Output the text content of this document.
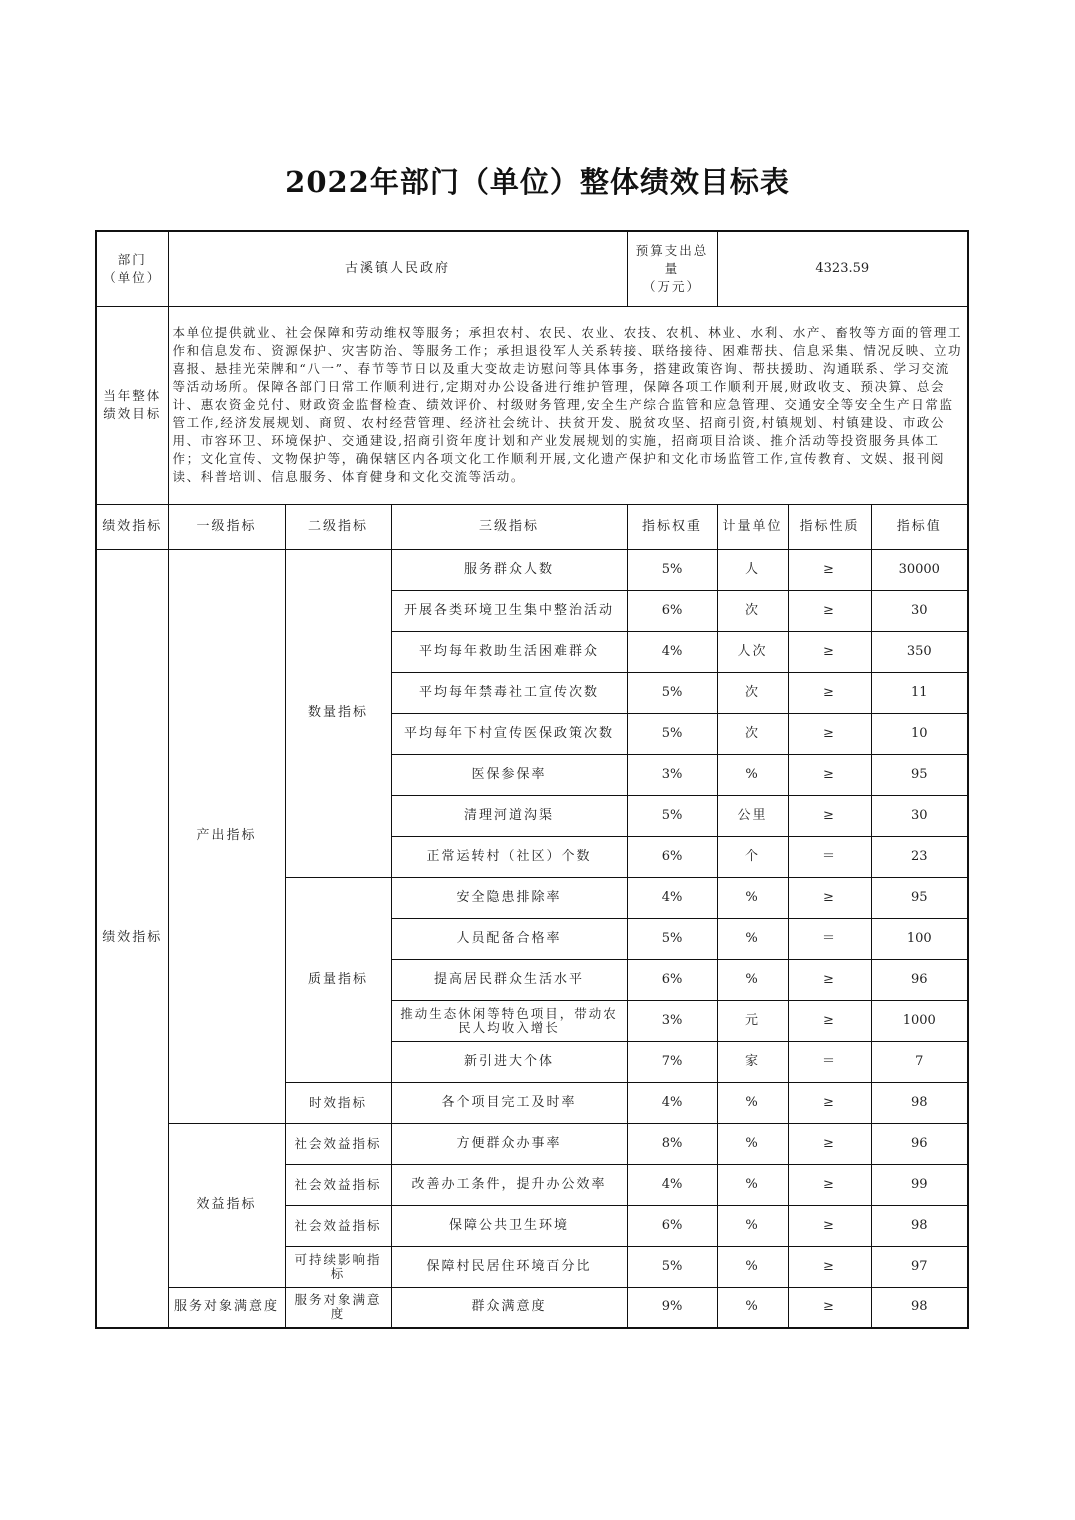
2022年部门（单位）整体绩效目标表
部门
（单位）	古溪镇人民政府			预算支出总量
（万元）	4323.59		
当年整体绩效目标	本单位提供就业、社会保障和劳动维权等服务；承担农村、农民、农业、农技、农机、林业、水利、水产、畜牧等方面的管理工作和信息发布、资源保护、灾害防治、等服务工作；承担退役军人关系转接、联络接待、困难帮扶、信息采集、情况反映、立功喜报、悬挂光荣牌和“八一”、春节等节日以及重大变故走访慰问等具体事务，搭建政策咨询、帮扶援助、沟通联系、学习交流等活动场所。保障各部门日常工作顺利进行,定期对办公设备进行维护管理，保障各项工作顺利开展,财政收支、预决算、总会计、惠农资金兑付、财政资金监督检查、绩效评价、村级财务管理,安全生产综合监管和应急管理、交通安全等安全生产日常监管工作,经济发展规划、商贸、农村经营管理、经济社会统计、扶贫开发、脱贫攻坚、招商引资,村镇规划、村镇建设、市政公用、市容环卫、环境保护、交通建设,招商引资年度计划和产业发展规划的实施，招商项目洽谈、推介活动等投资服务具体工作；文化宣传、文物保护等，确保辖区内各项文化工作顺利开展,文化遗产保护和文化市场监管工作,宣传教育、文娱、报刊阅读、科普培训、信息服务、体育健身和文化交流等活动。						
绩效指标	一级指标	二级指标	三级指标	指标权重	计量单位	指标性质	指标值
绩效指标	产出指标	数量指标	服务群众人数	5%	人	≥	30000
			开展各类环境卫生集中整治活动	6%	次	≥	30
			平均每年救助生活困难群众	4%	人次	≥	350
			平均每年禁毒社工宣传次数	5%	次	≥	11
			平均每年下村宣传医保政策次数	5%	次	≥	10
			医保参保率	3%	%	≥	95
			清理河道沟渠	5%	公里	≥	30
			正常运转村（社区）个数	6%	个	＝	23
		质量指标	安全隐患排除率	4%	%	≥	95
			人员配备合格率	5%	%	＝	100
			提高居民群众生活水平	6%	%	≥	96
			推动生态休闲等特色项目，带动农民人均收入增长	3%	元	≥	1000
			新引进大个体	7%	家	＝	7
		时效指标	各个项目完工及时率	4%	%	≥	98
	效益指标	社会效益指标	方便群众办事率	8%	%	≥	96
		社会效益指标	改善办工条件，提升办公效率	4%	%	≥	99
		社会效益指标	保障公共卫生环境	6%	%	≥	98
		可持续影响指标	保障村民居住环境百分比	5%	%	≥	97
	服务对象满意度	服务对象满意度	群众满意度	9%	%	≥	98
